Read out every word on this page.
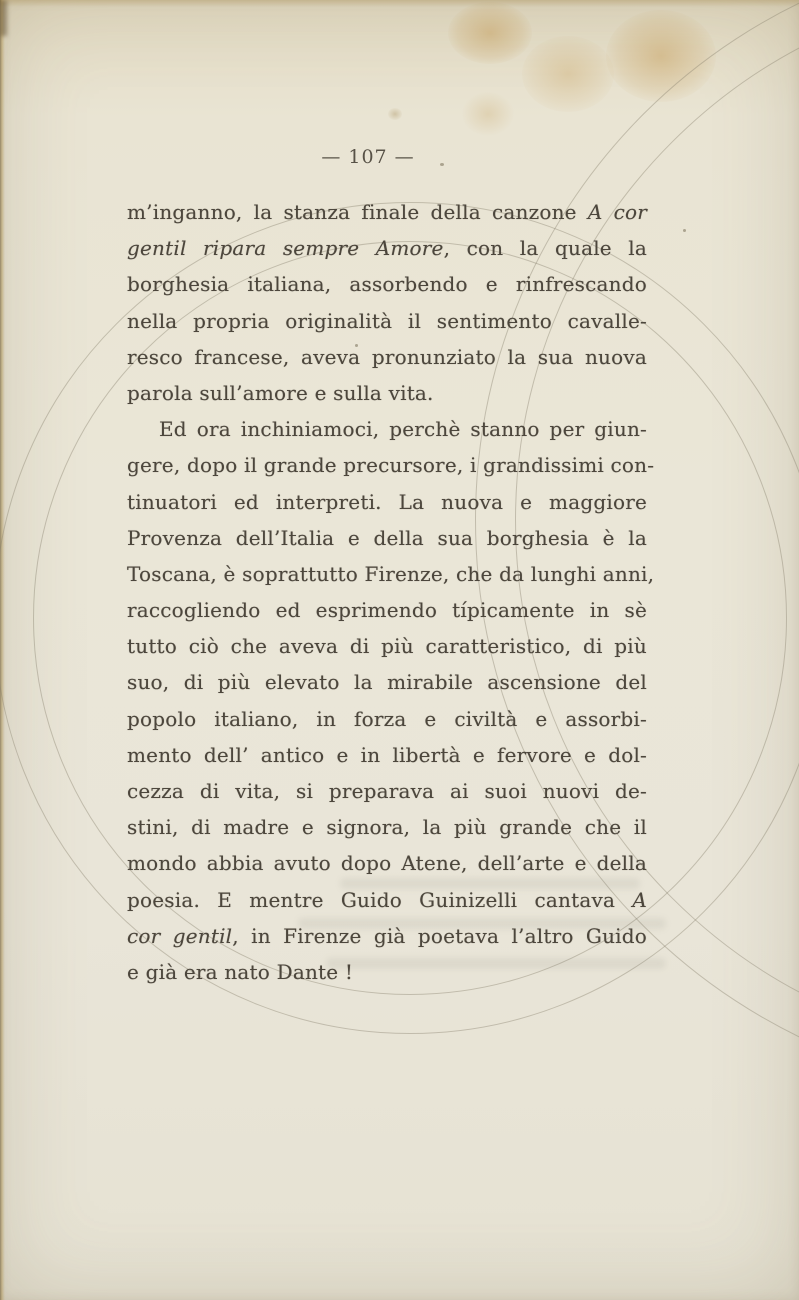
— 107 —
m’inganno, la stanza finale della canzone A cor
gentil ripara sempre Amore, con la quale la
borghesia italiana, assorbendo e rinfrescando
nella propria originalità il sentimento cavalle-
resco francese, aveva pronunziato la sua nuova
parola sull’amore e sulla vita.
Ed ora inchiniamoci, perchè stanno per giun-
gere, dopo il grande precursore, i grandissimi con-
tinuatori ed interpreti. La nuova e maggiore
Provenza dell’Italia e della sua borghesia è la
Toscana, è soprattutto Firenze, che da lunghi anni,
raccogliendo ed esprimendo típicamente in sè
tutto ciò che aveva di più caratteristico, di più
suo, di più elevato la mirabile ascensione del
popolo italiano, in forza e civiltà e assorbi-
mento dell’ antico e in libertà e fervore e dol-
cezza di vita, si preparava ai suoi nuovi de-
stini, di madre e signora, la più grande che il
mondo abbia avuto dopo Atene, dell’arte e della
poesia. E mentre Guido Guinizelli cantava A
cor gentil, in Firenze già poetava l’altro Guido
e già era nato Dante !
